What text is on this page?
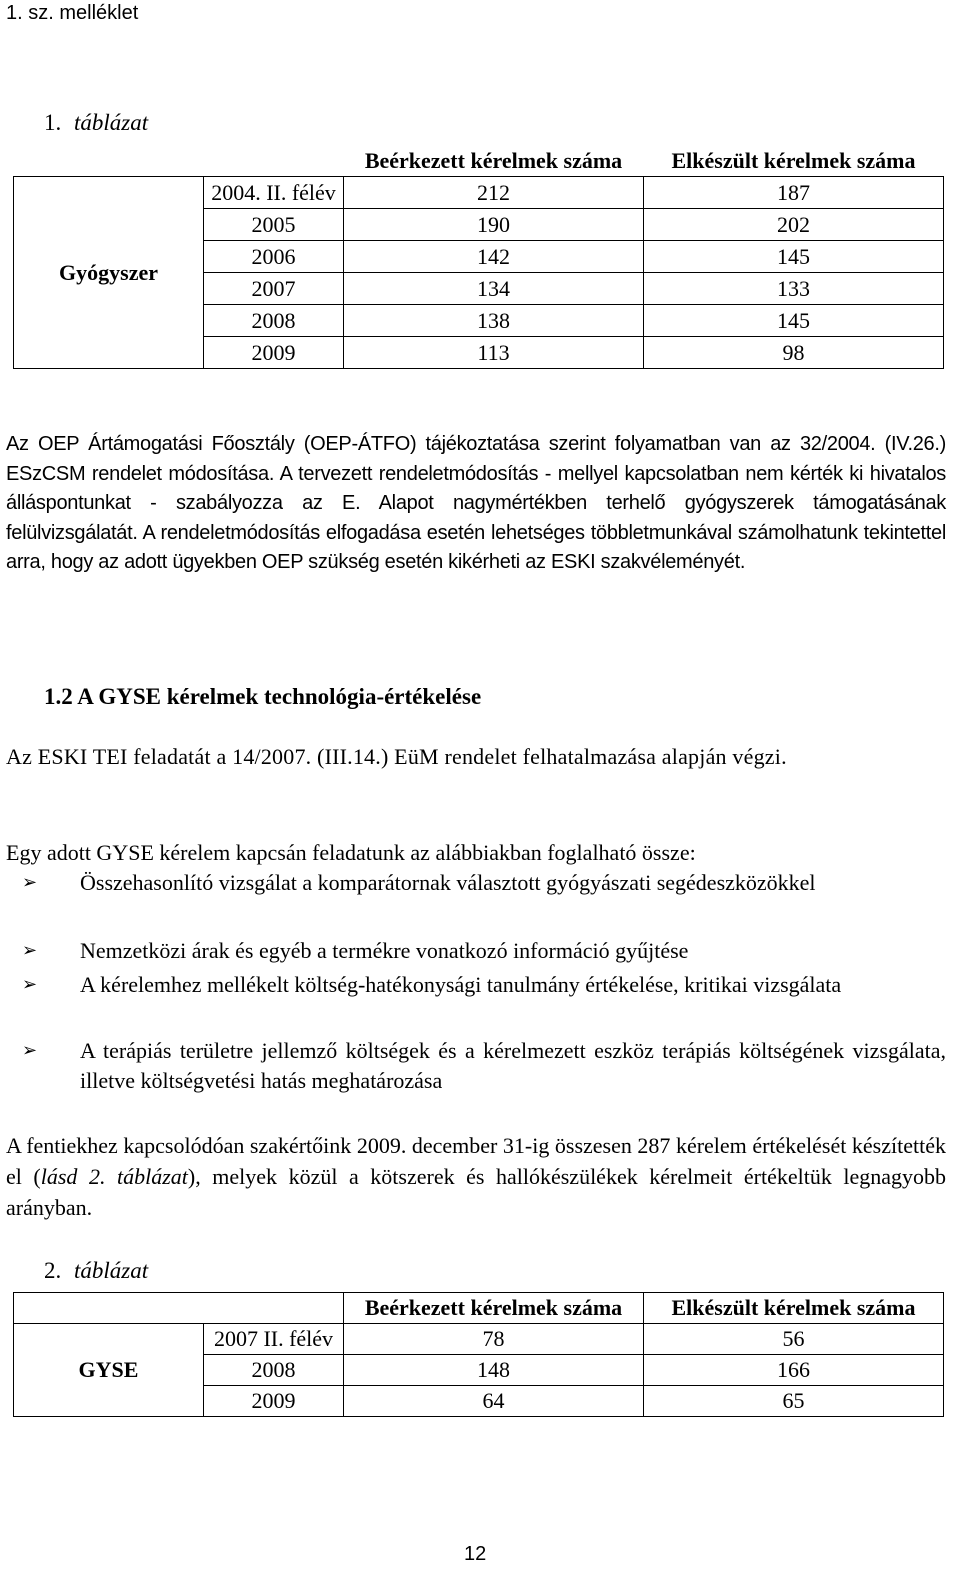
1. sz. melléklet
1. táblázat
		Beérkezett kérelmek száma	Elkészült kérelmek száma
Gyógyszer	2004. II. félév	212	187
	2005	190	202
	2006	142	145
	2007	134	133
	2008	138	145
	2009	113	98
Az OEP Ártámogatási Főosztály (OEP-ÁTFO) tájékoztatása szerint folyamatban van az 32/2004. (IV.26.) ESzCSM rendelet módosítása. A tervezett rendeletmódosítás - mellyel kapcsolatban nem kérték ki hivatalos álláspontunkat - szabályozza az E. Alapot nagymértékben terhelő gyógyszerek támogatásának felülvizsgálatát. A rendeletmódosítás elfogadása esetén lehetséges többletmunkával számolhatunk tekintettel arra, hogy az adott ügyekben OEP szükség esetén kikérheti az ESKI szakvéleményét.
1.2 A GYSE kérelmek technológia-értékelése
Az ESKI TEI feladatát a 14/2007. (III.14.) EüM rendelet felhatalmazása alapján végzi.
Egy adott GYSE kérelem kapcsán feladatunk az alábbiakban foglalható össze:
➢ Összehasonlító vizsgálat a komparátornak választott gyógyászati segédeszközökkel
➢ Nemzetközi árak és egyéb a termékre vonatkozó információ gyűjtése
➢ A kérelemhez mellékelt költség-hatékonysági tanulmány értékelése, kritikai vizsgálata
➢ A terápiás területre jellemző költségek és a kérelmezett eszköz terápiás költségének vizsgálata, illetve költségvetési hatás meghatározása
A fentiekhez kapcsolódóan szakértőink 2009. december 31-ig összesen 287 kérelem értékelését készítették el (lásd 2. táblázat), melyek közül a kötszerek és hallókészülékek kérelmeit értékeltük legnagyobb arányban.
2. táblázat
		Beérkezett kérelmek száma	Elkészült kérelmek száma
GYSE	2007 II. félév	78	56
	2008	148	166
	2009	64	65
12
